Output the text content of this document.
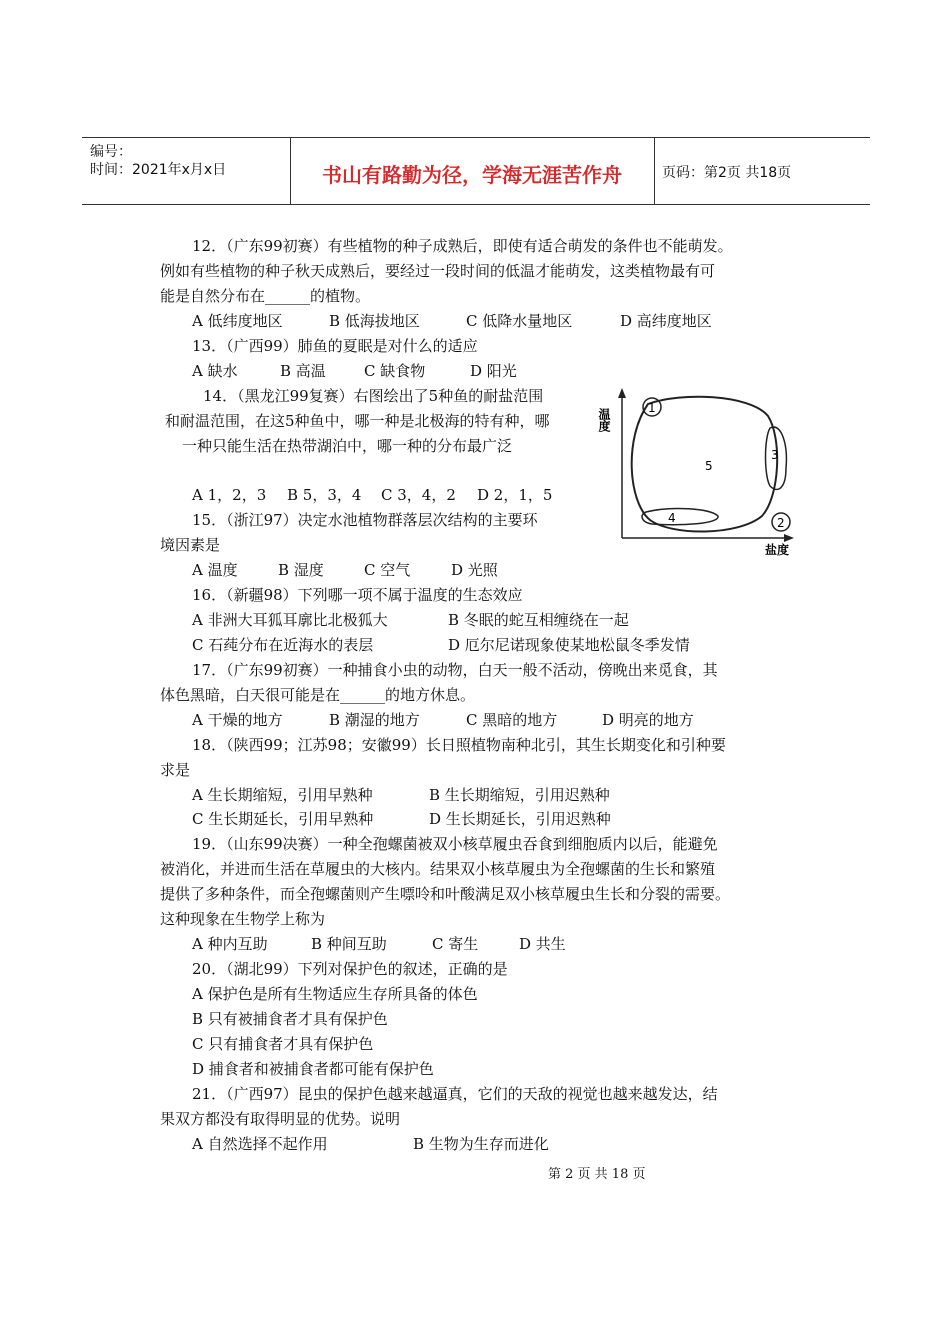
编号：
时间：2021年x月x日	书山有路勤为径，学海无涯苦作舟	页码：第2页 共18页
12．（广东99初赛）有些植物的种子成熟后，即使有适合萌发的条件也不能萌发。
例如有些植物的种子秋天成熟后，要经过一段时间的低温才能萌发，这类植物最有可
能是自然分布在______的植物。
A 低纬度地区	B 低海拔地区	C 低降水量地区	D 高纬度地区
13．（广西99）肺鱼的夏眠是对什么的适应
A 缺水	B 高温	C 缺食物	D 阳光
14．（黑龙江99复赛）右图绘出了5种鱼的耐盐范围
和耐温范围，在这5种鱼中，哪一种是北极海的特有种，哪
一种只能生活在热带湖泊中，哪一种的分布最广泛
A 1，2，3 B 5，3，4 C 3，4，2 D 2，1，5
温度
盐度
1
2
3
4
5
15．（浙江97）决定水池植物群落层次结构的主要环
境因素是
A 温度	B 湿度	C 空气	D 光照
16．（新疆98）下列哪一项不属于温度的生态效应
A 非洲大耳狐耳廓比北极狐大	B 冬眠的蛇互相缠绕在一起
C 石莼分布在近海水的表层	D 厄尔尼诺现象使某地松鼠冬季发情
17．（广东99初赛）一种捕食小虫的动物，白天一般不活动，傍晚出来觅食，其
体色黑暗，白天很可能是在______的地方休息。
A 干燥的地方	B 潮湿的地方	C 黑暗的地方	D 明亮的地方
18．（陕西99；江苏98；安徽99）长日照植物南种北引，其生长期变化和引种要
求是
A 生长期缩短，引用早熟种	B 生长期缩短，引用迟熟种
C 生长期延长，引用早熟种	D 生长期延长，引用迟熟种
19．（山东99决赛）一种全孢螺菌被双小核草履虫吞食到细胞质内以后，能避免
被消化，并进而生活在草履虫的大核内。结果双小核草履虫为全孢螺菌的生长和繁殖
提供了多种条件，而全孢螺菌则产生嘌呤和叶酸满足双小核草履虫生长和分裂的需要。
这种现象在生物学上称为
A 种内互助	B 种间互助	C 寄生	D 共生
20．（湖北99）下列对保护色的叙述，正确的是
A 保护色是所有生物适应生存所具备的体色
B 只有被捕食者才具有保护色
C 只有捕食者才具有保护色
D 捕食者和被捕食者都可能有保护色
21．（广西97）昆虫的保护色越来越逼真，它们的天敌的视觉也越来越发达，结
果双方都没有取得明显的优势。说明
A 自然选择不起作用	B 生物为生存而进化
第 2 页 共 18 页
